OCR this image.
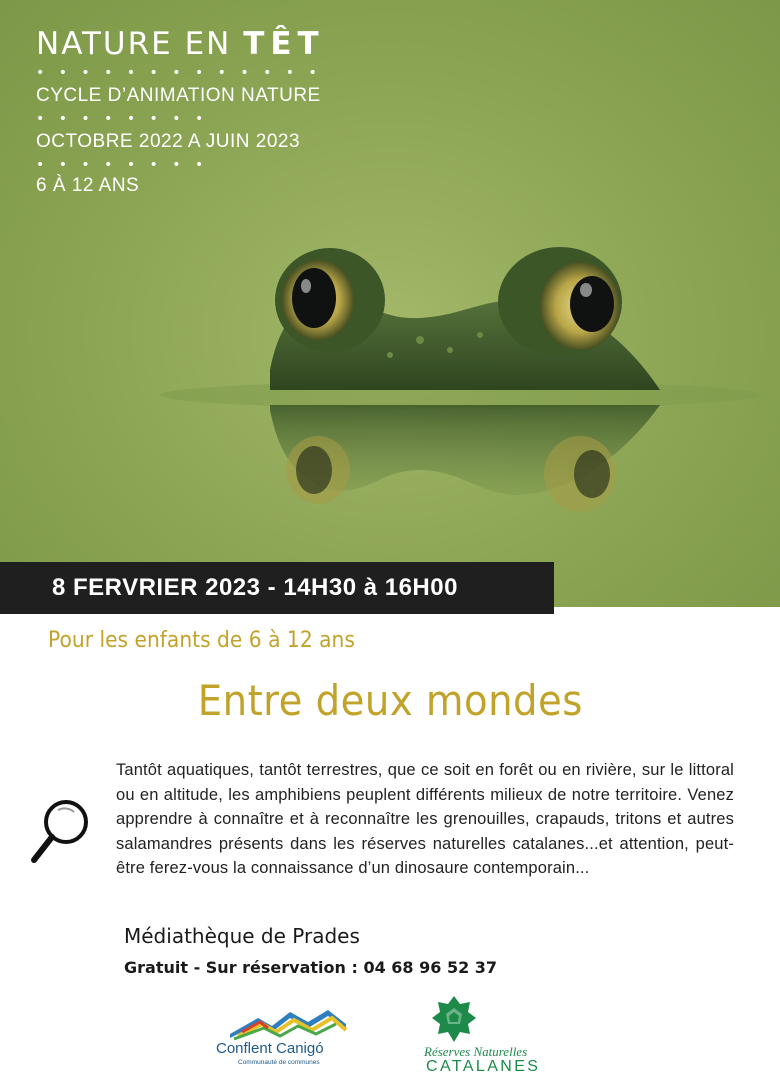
NATURE EN TÊT
• • • • • • • • • • • • •
CYCLE D’ANIMATION NATURE
• • • • • • • •
OCTOBRE 2022 A JUIN 2023
• • • • • • • •
6 À 12 ANS
8 FERVRIER 2023 - 14H30 à 16H00
Pour les enfants de 6 à 12 ans
Entre deux mondes

Tantôt aquatiques, tantôt terrestres, que ce soit en forêt ou en rivière, sur le littoral ou en altitude, les amphibiens peuplent différents milieux de notre territoire. Venez apprendre à connaître et à reconnaître les grenouilles, crapauds, tritons et autres salamandres présents dans les réserves naturelles catalanes...et attention, peut-être ferez-vous la connaissance d’un dinosaure contemporain...

Médiathèque de Prades
Gratuit - Sur réservation : 04 68 96 52 37
Conflent Canigó
Communauté de communes
Réserves Naturelles
CATALANES
